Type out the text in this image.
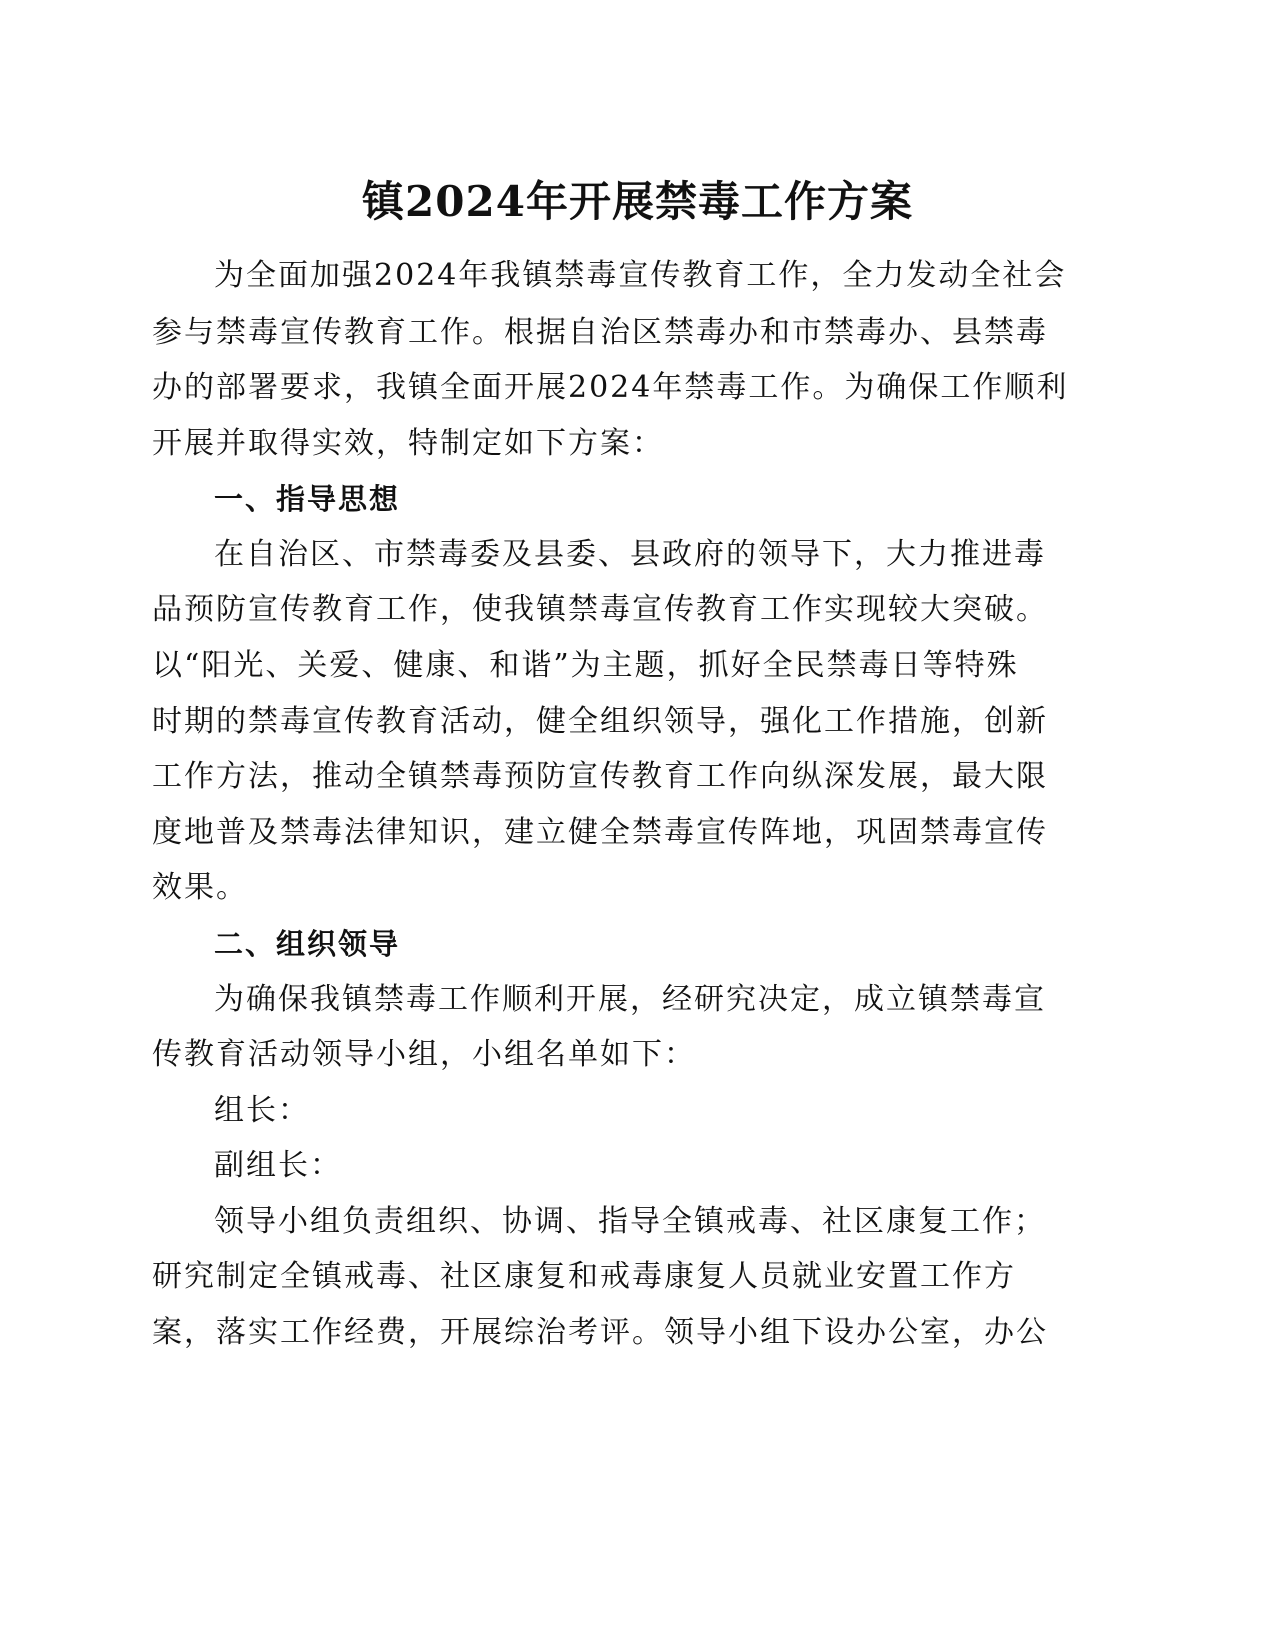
镇2024年开展禁毒工作方案
为全面加强2024年我镇禁毒宣传教育工作，全力发动全社会
参与禁毒宣传教育工作。根据自治区禁毒办和市禁毒办、县禁毒
办的部署要求，我镇全面开展2024年禁毒工作。为确保工作顺利
开展并取得实效，特制定如下方案：
一、指导思想
在自治区、市禁毒委及县委、县政府的领导下，大力推进毒
品预防宣传教育工作，使我镇禁毒宣传教育工作实现较大突破。
以“阳光、关爱、健康、和谐”为主题，抓好全民禁毒日等特殊
时期的禁毒宣传教育活动，健全组织领导，强化工作措施，创新
工作方法，推动全镇禁毒预防宣传教育工作向纵深发展，最大限
度地普及禁毒法律知识，建立健全禁毒宣传阵地，巩固禁毒宣传
效果。
二、组织领导
为确保我镇禁毒工作顺利开展，经研究决定，成立镇禁毒宣
传教育活动领导小组，小组名单如下：
组长：
副组长：
领导小组负责组织、协调、指导全镇戒毒、社区康复工作；
研究制定全镇戒毒、社区康复和戒毒康复人员就业安置工作方
案，落实工作经费，开展综治考评。领导小组下设办公室，办公
